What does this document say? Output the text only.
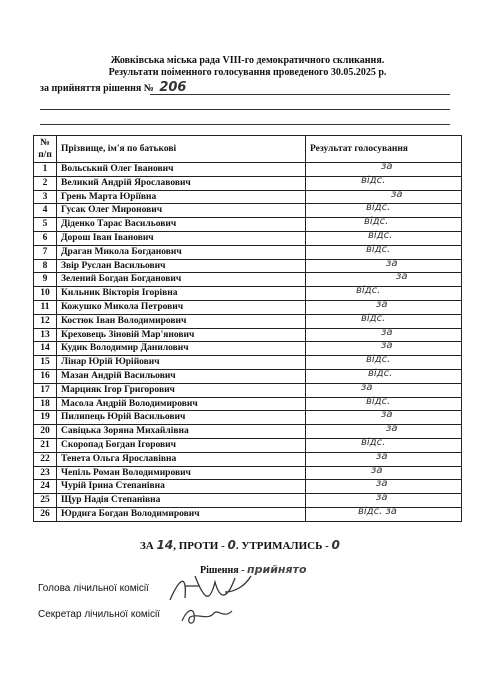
Жовківська міська рада VIII-го демократичного скликання.
Результати поіменного голосування проведеного 30.05.2025 р.
за прийняття рішення № 206
№
п/п	Прізвище, ім'я по батькові	Результат голосування
1	Вольський Олег Іванович	за

2	Великий Андрій Ярославович	відс.

3	Грень Марта Юріївна	за

4	Гусак Олег Миронович	відс.

5	Діденко Тарас Васильович	відс.

6	Дорош Іван Іванович	відс.

7	Драган Микола Богданович	відс.

8	Звір Руслан Васильович	за

9	Зелений Богдан Богданович	за

10	Кильник Вікторія Ігорівна	відс.

11	Кожушко Микола Петрович	за

12	Костюк Іван Володимирович	відс.

13	Креховець Зіновій Мар'янович	за

14	Кудик Володимир Данилович	за

15	Лінар Юрій Юрійович	відс.

16	Мазан Андрій Васильович	відс.

17	Марцияк Ігор Григорович	за

18	Масола Андрій Володимирович	відс.

19	Пилипець Юрій Васильович	за

20	Савіцька Зоряна Михайлівна	за

21	Скоропад Богдан Ігорович	відс.

22	Тенета Ольга Ярославівна	за

23	Чепіль Роман Володимирович	за

24	Чурій Ірина Степанівна	за

25	Щур Надія Степанівна	за

26	Юрдига Богдан Володимирович	відс. за
ЗА 14, ПРОТИ - 0. УТРИМАЛИСЬ - 0
Рішення - прийнято
Голова лічильної комісії
Секретар лічильної комісії
